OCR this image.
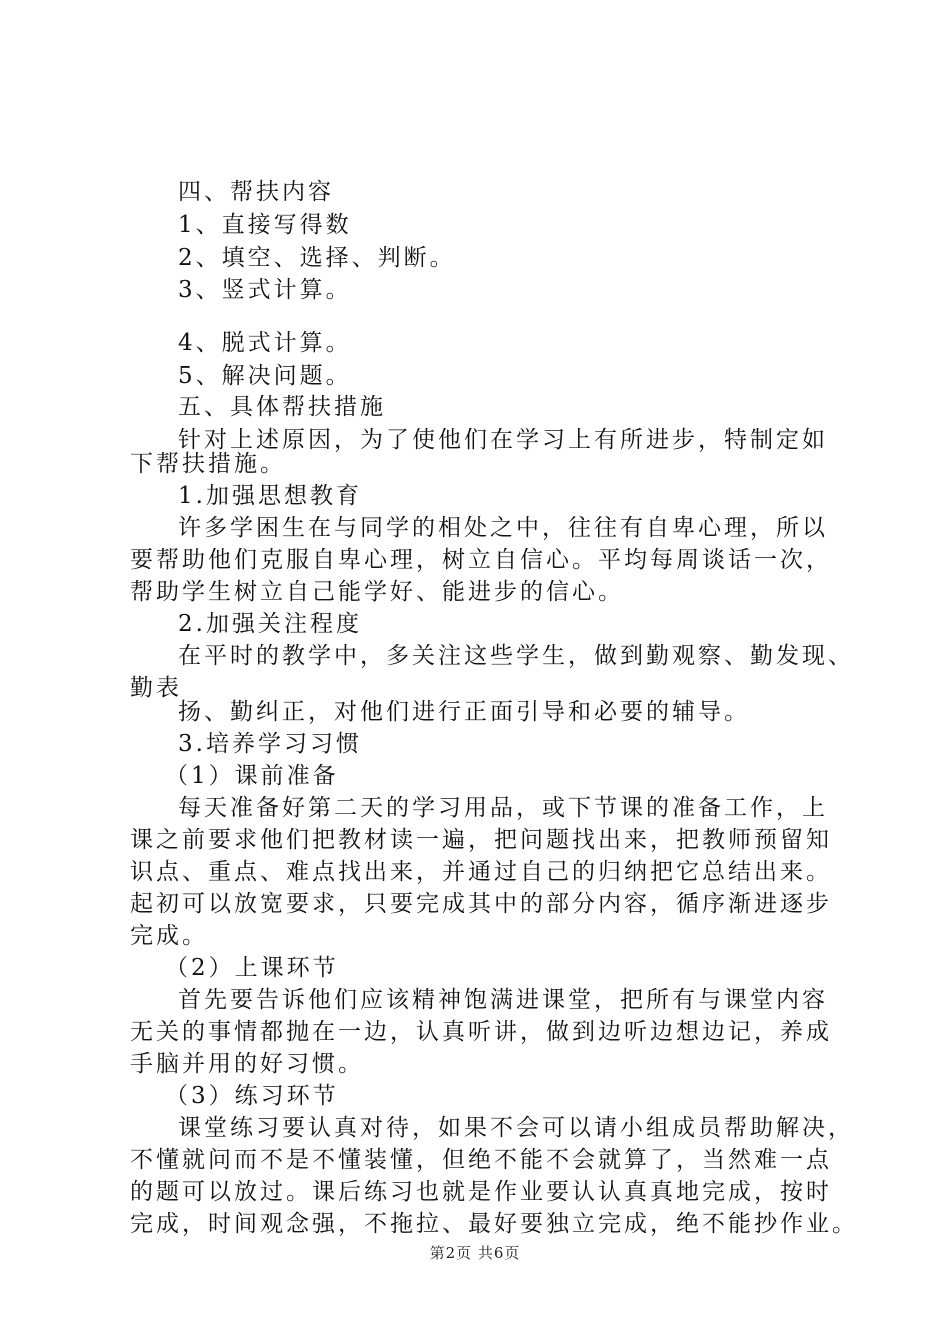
四、帮扶内容
1、直接写得数
2、填空、选择、判断。
3、竖式计算。
4、脱式计算。
5、解决问题。
五、具体帮扶措施
针对上述原因，为了使他们在学习上有所进步，特制定如
下帮扶措施。
1.加强思想教育
许多学困生在与同学的相处之中，往往有自卑心理，所以
要帮助他们克服自卑心理，树立自信心。平均每周谈话一次，
帮助学生树立自己能学好、能进步的信心。
2.加强关注程度
在平时的教学中，多关注这些学生，做到勤观察、勤发现、
勤表
扬、勤纠正，对他们进行正面引导和必要的辅导。
3.培养学习习惯
（1）课前准备
每天准备好第二天的学习用品，或下节课的准备工作，上
课之前要求他们把教材读一遍，把问题找出来，把教师预留知
识点、重点、难点找出来，并通过自己的归纳把它总结出来。
起初可以放宽要求，只要完成其中的部分内容，循序渐进逐步
完成。
（2）上课环节
首先要告诉他们应该精神饱满进课堂，把所有与课堂内容
无关的事情都抛在一边，认真听讲，做到边听边想边记，养成
手脑并用的好习惯。
（3）练习环节
课堂练习要认真对待，如果不会可以请小组成员帮助解决，
不懂就问而不是不懂装懂，但绝不能不会就算了，当然难一点
的题可以放过。课后练习也就是作业要认认真真地完成，按时
完成，时间观念强，不拖拉、最好要独立完成，绝不能抄作业。
第2页 共6页
